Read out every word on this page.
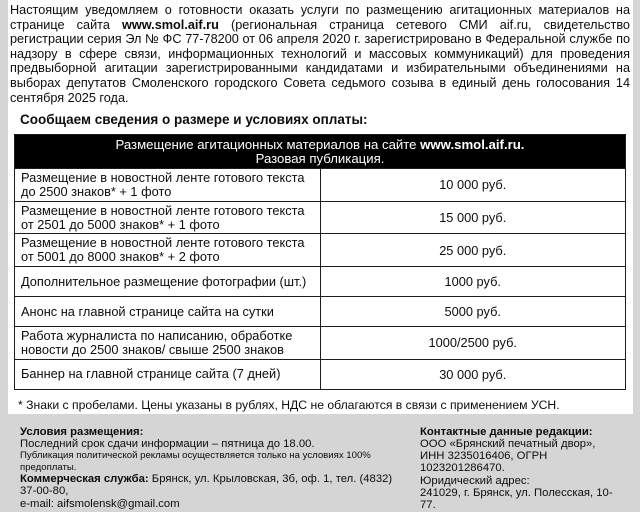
Настоящим уведомляем о готовности оказать услуги по размещению агитационных материалов на странице сайта www.smol.aif.ru (региональная страница сетевого СМИ aif.ru, свидетельство регистрации серия Эл № ФС 77-78200 от 06 апреля 2020 г. зарегистрировано в Федеральной службе по надзору в сфере связи, информационных технологий и массовых коммуникаций) для проведения предвыборной агитации зарегистрированными кандидатами и избирательными объединениями на выборах депутатов Смоленского городского Совета седьмого созыва в единый день голосования 14 сентября 2025 года.

Сообщаем сведения о размере и условиях оплаты:
Размещение агитационных материалов на сайте www.smol.aif.ru.
Разовая публикация.	
Размещение в новостной ленте готового текста до 2500 знаков* + 1 фото	10 000 руб.
Размещение в новостной ленте готового текста от 2501 до 5000 знаков* + 1 фото	15 000 руб.
Размещение в новостной ленте готового текста от 5001 до 8000 знаков* + 2 фото	25 000 руб.
Дополнительное размещение фотографии (шт.)	1000 руб.
Анонс на главной странице сайта на сутки	5000 руб.
Работа журналиста по написанию, обработке новости до 2500 знаков/ свыше 2500 знаков	1000/2500 руб.
Баннер на главной странице сайта (7 дней)	30 000 руб.
* Знаки с пробелами. Цены указаны в рублях, НДС не облагаются в связи с применением УСН.
Условия размещения:
Последний срок сдачи информации – пятница до 18.00.
Публикация политической рекламы осуществляется только на условиях 100% предоплаты.
Коммерческая служба: Брянск, ул. Крыловская, 3б, оф. 1, тел. (4832) 37-00-80,
e-mail: aifsmolensk@gmail.com
Контактные данные редакции:
ООО «Брянский печатный двор»,
ИНН 3235016406, ОГРН 1023201286470.
Юридический адрес:
241029, г. Брянск, ул. Полесская, 10-77.
